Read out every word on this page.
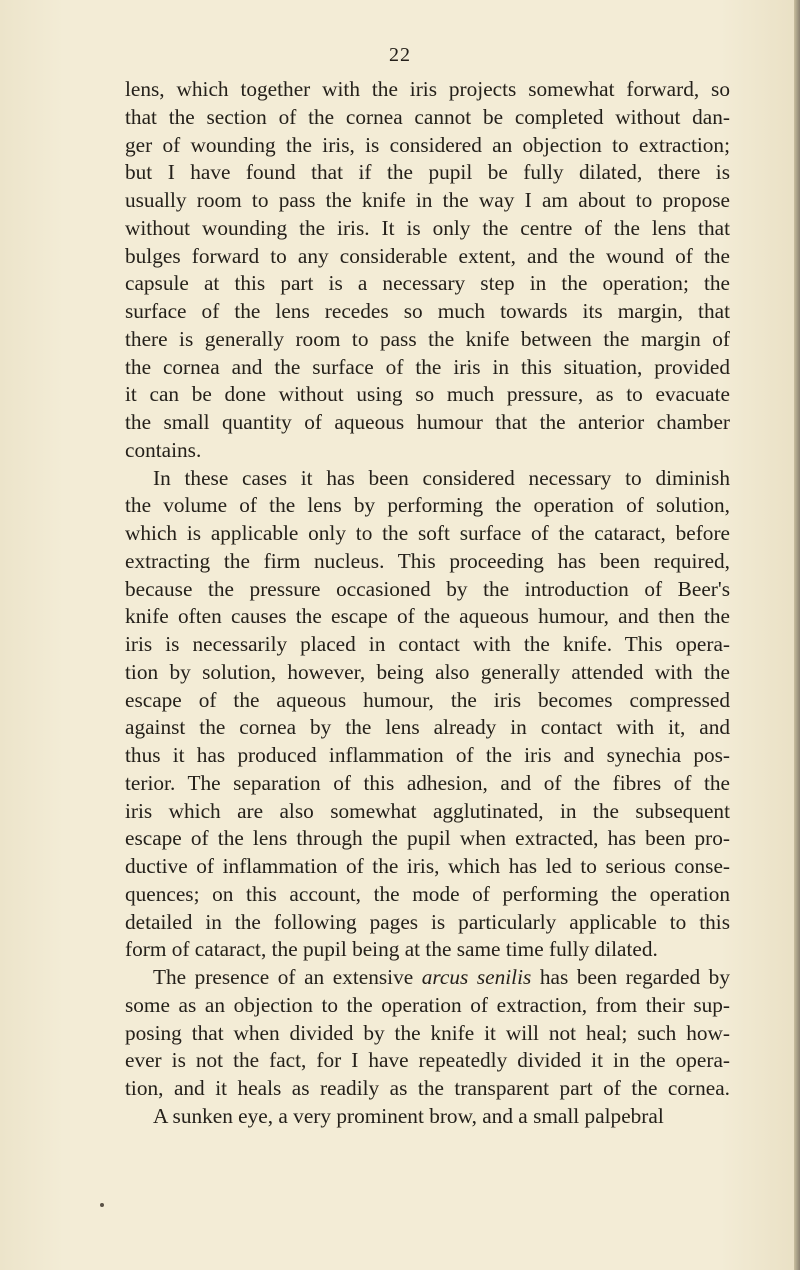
22
lens, which together with the iris projects somewhat forward, so
that the section of the cornea cannot be completed without dan-
ger of wounding the iris, is considered an objection to extraction;
but I have found that if the pupil be fully dilated, there is
usually room to pass the knife in the way I am about to propose
without wounding the iris. It is only the centre of the lens that
bulges forward to any considerable extent, and the wound of the
capsule at this part is a necessary step in the operation; the
surface of the lens recedes so much towards its margin, that
there is generally room to pass the knife between the margin of
the cornea and the surface of the iris in this situation, provided
it can be done without using so much pressure, as to evacuate
the small quantity of aqueous humour that the anterior chamber
contains.
In these cases it has been considered necessary to diminish
the volume of the lens by performing the operation of solution,
which is applicable only to the soft surface of the cataract, before
extracting the firm nucleus. This proceeding has been required,
because the pressure occasioned by the introduction of Beer's
knife often causes the escape of the aqueous humour, and then the
iris is necessarily placed in contact with the knife. This opera-
tion by solution, however, being also generally attended with the
escape of the aqueous humour, the iris becomes compressed
against the cornea by the lens already in contact with it, and
thus it has produced inflammation of the iris and synechia pos-
terior. The separation of this adhesion, and of the fibres of the
iris which are also somewhat agglutinated, in the subsequent
escape of the lens through the pupil when extracted, has been pro-
ductive of inflammation of the iris, which has led to serious conse-
quences; on this account, the mode of performing the operation
detailed in the following pages is particularly applicable to this
form of cataract, the pupil being at the same time fully dilated.
The presence of an extensive arcus senilis has been regarded by
some as an objection to the operation of extraction, from their sup-
posing that when divided by the knife it will not heal; such how-
ever is not the fact, for I have repeatedly divided it in the opera-
tion, and it heals as readily as the transparent part of the cornea.
A sunken eye, a very prominent brow, and a small palpebral
